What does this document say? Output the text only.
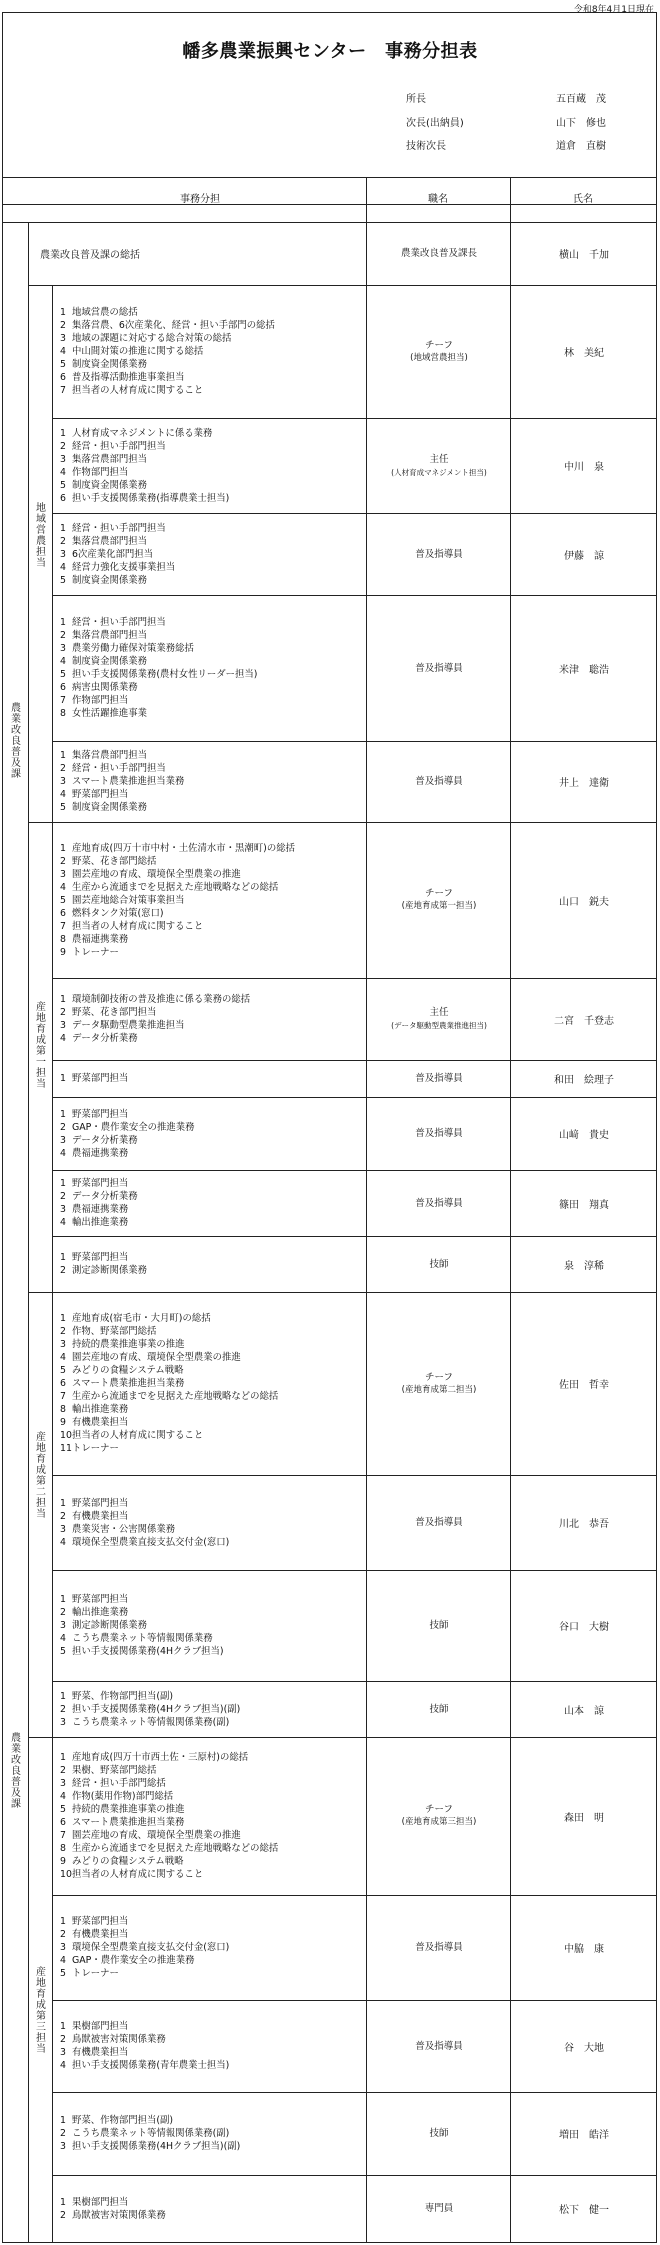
令和8年4月1日現在
幡多農業振興センター　事務分担表
所長	五百蔵　茂
次長(出納員)	山下　修也
技術次長	道倉　直樹
事務分担	職名	氏名
農業改良普及課
農業改良普及課
地域営農担当
産地育成第一担当
産地育成第二担当
産地育成第三担当
農業改良普及課の総括	農業改良普及課長	横山　千加
1 地域営農の総括
2 集落営農、6次産業化、経営・担い手部門の総括
3 地域の課題に対応する総合対策の総括
4 中山間対策の推進に関する総括
5 制度資金関係業務
6 普及指導活動推進事業担当
7 担当者の人材育成に関すること
チーフ
(地域営農担当)	林　美紀
1 人材育成マネジメントに係る業務
2 経営・担い手部門担当
3 集落営農部門担当
4 作物部門担当
5 制度資金関係業務
6 担い手支援関係業務(指導農業士担当)
主任
(人材育成マネジメント担当)	中川　泉
1 経営・担い手部門担当
2 集落営農部門担当
3 6次産業化部門担当
4 経営力強化支援事業担当
5 制度資金関係業務
普及指導員	伊藤　諒
1 経営・担い手部門担当
2 集落営農部門担当
3 農業労働力確保対策業務総括
4 制度資金関係業務
5 担い手支援関係業務(農村女性リーダー担当)
6 病害虫関係業務
7 作物部門担当
8 女性活躍推進事業
普及指導員	米津　聡浩
1 集落営農部門担当
2 経営・担い手部門担当
3 スマート農業推進担当業務
4 野菜部門担当
5 制度資金関係業務
普及指導員	井上　達衛
1 産地育成(四万十市中村・土佐清水市・黒潮町)の総括
2 野菜、花き部門総括
3 園芸産地の育成、環境保全型農業の推進
4 生産から流通までを見据えた産地戦略などの総括
5 園芸産地総合対策事業担当
6 燃料タンク対策(窓口)
7 担当者の人材育成に関すること
8 農福連携業務
9 トレーナー
チーフ
(産地育成第一担当)	山口　鋭夫
1 環境制御技術の普及推進に係る業務の総括
2 野菜、花き部門担当
3 データ駆動型農業推進担当
4 データ分析業務
主任
(データ駆動型農業推進担当)	二宮　千登志
1 野菜部門担当	普及指導員	和田　絵理子
1 野菜部門担当
2 GAP・農作業安全の推進業務
3 データ分析業務
4 農福連携業務
普及指導員	山﨑　貴史
1 野菜部門担当
2 データ分析業務
3 農福連携業務
4 輸出推進業務
普及指導員	篠田　翔真
1 野菜部門担当
2 測定診断関係業務
技師	泉　淳稀
1 産地育成(宿毛市・大月町)の総括
2 作物、野菜部門総括
3 持続的農業推進事業の推進
4 園芸産地の育成、環境保全型農業の推進
5 みどりの食糧システム戦略
6 スマート農業推進担当業務
7 生産から流通までを見据えた産地戦略などの総括
8 輸出推進業務
9 有機農業担当
10担当者の人材育成に関すること
11トレーナー
チーフ
(産地育成第二担当)	佐田　哲幸
1 野菜部門担当
2 有機農業担当
3 農業災害・公害関係業務
4 環境保全型農業直接支払交付金(窓口)
普及指導員	川北　恭吾
1 野菜部門担当
2 輸出推進業務
3 測定診断関係業務
4 こうち農業ネット等情報関係業務
5 担い手支援関係業務(4Hクラブ担当)
技師	谷口　大樹
1 野菜、作物部門担当(副)
2 担い手支援関係業務(4Hクラブ担当)(副)
3 こうち農業ネット等情報関係業務(副)
技師	山本　諒
1 産地育成(四万十市西土佐・三原村)の総括
2 果樹、野菜部門総括
3 経営・担い手部門総括
4 作物(薬用作物)部門総括
5 持続的農業推進事業の推進
6 スマート農業推進担当業務
7 園芸産地の育成、環境保全型農業の推進
8 生産から流通までを見据えた産地戦略などの総括
9 みどりの食糧システム戦略
10担当者の人材育成に関すること
チーフ
(産地育成第三担当)	森田　明
1 野菜部門担当
2 有機農業担当
3 環境保全型農業直接支払交付金(窓口)
4 GAP・農作業安全の推進業務
5 トレーナー
普及指導員	中脇　康
1 果樹部門担当
2 鳥獣被害対策関係業務
3 有機農業担当
4 担い手支援関係業務(青年農業士担当)
普及指導員	谷　大地
1 野菜、作物部門担当(副)
2 こうち農業ネット等情報関係業務(副)
3 担い手支援関係業務(4Hクラブ担当)(副)
技師	増田　皓洋
1 果樹部門担当
2 鳥獣被害対策関係業務
専門員	松下　健一
